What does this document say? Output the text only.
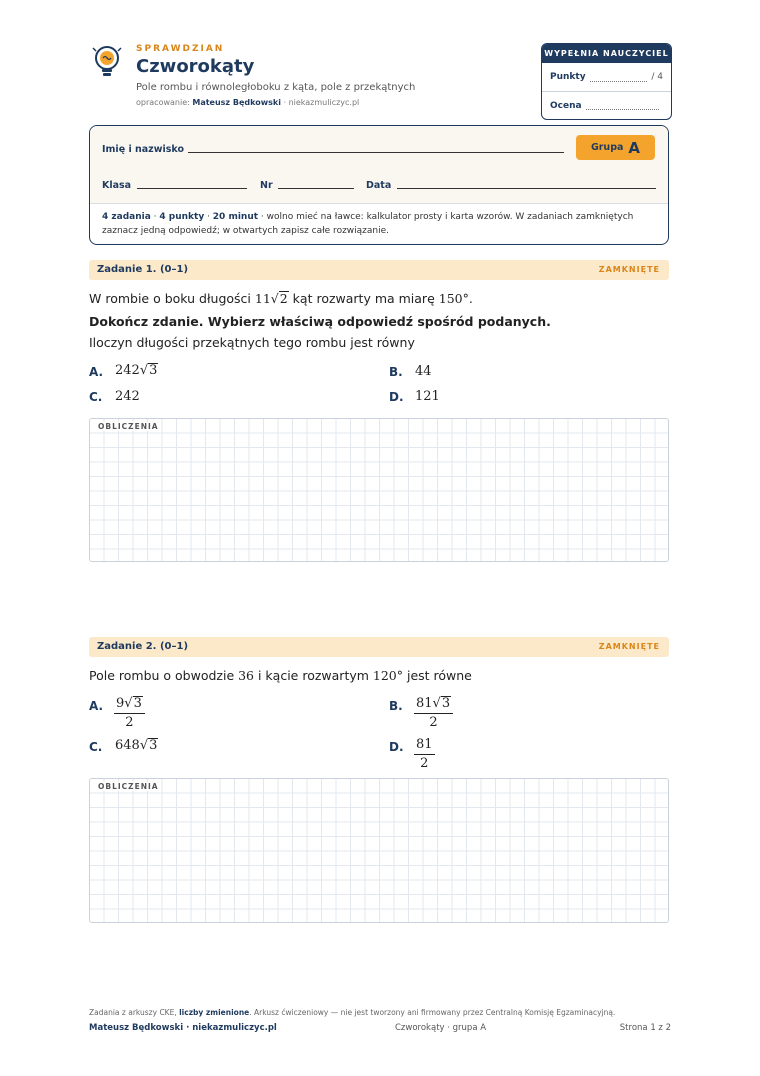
SPRAWDZIAN
Czworokąty
Pole rombu i równoległoboku z kąta, pole z przekątnych
opracowanie: Mateusz Będkowski · niekazmuliczyc.pl
WYPEŁNIA NAUCZYCIEL
Punkty	/ 4
Ocena
Imię i nazwisko	Grupa A
Klasa	Nr	Data
4 zadania · 4 punkty · 20 minut · wolno mieć na ławce: kalkulator prosty i karta wzorów. W zadaniach zamkniętych zaznacz jedną odpowiedź; w otwartych zapisz całe rozwiązanie.
Zadanie 1. (0–1)	ZAMKNIĘTE
W rombie o boku długości 11√2 kąt rozwarty ma miarę 150°.
Dokończ zdanie. Wybierz właściwą odpowiedź spośród podanych.
Iloczyn długości przekątnych tego rombu jest równy
A. 242√3	B. 44
C. 242	D. 121
OBLICZENIA
Zadanie 2. (0–1)	ZAMKNIĘTE
Pole rombu o obwodzie 36 i kącie rozwartym 120° jest równe
A. $\frac{9√3}{2}$	B. $\frac{81√3}{2}$
C. 648√3	D. $\frac{81}{2}$
OBLICZENIA
Zadania z arkuszy CKE, liczby zmienione. Arkusz ćwiczeniowy — nie jest tworzony ani firmowany przez Centralną Komisję Egzaminacyjną.
Mateusz Będkowski · niekazmuliczyc.pl	Czworokąty · grupa A	Strona 1 z 2
